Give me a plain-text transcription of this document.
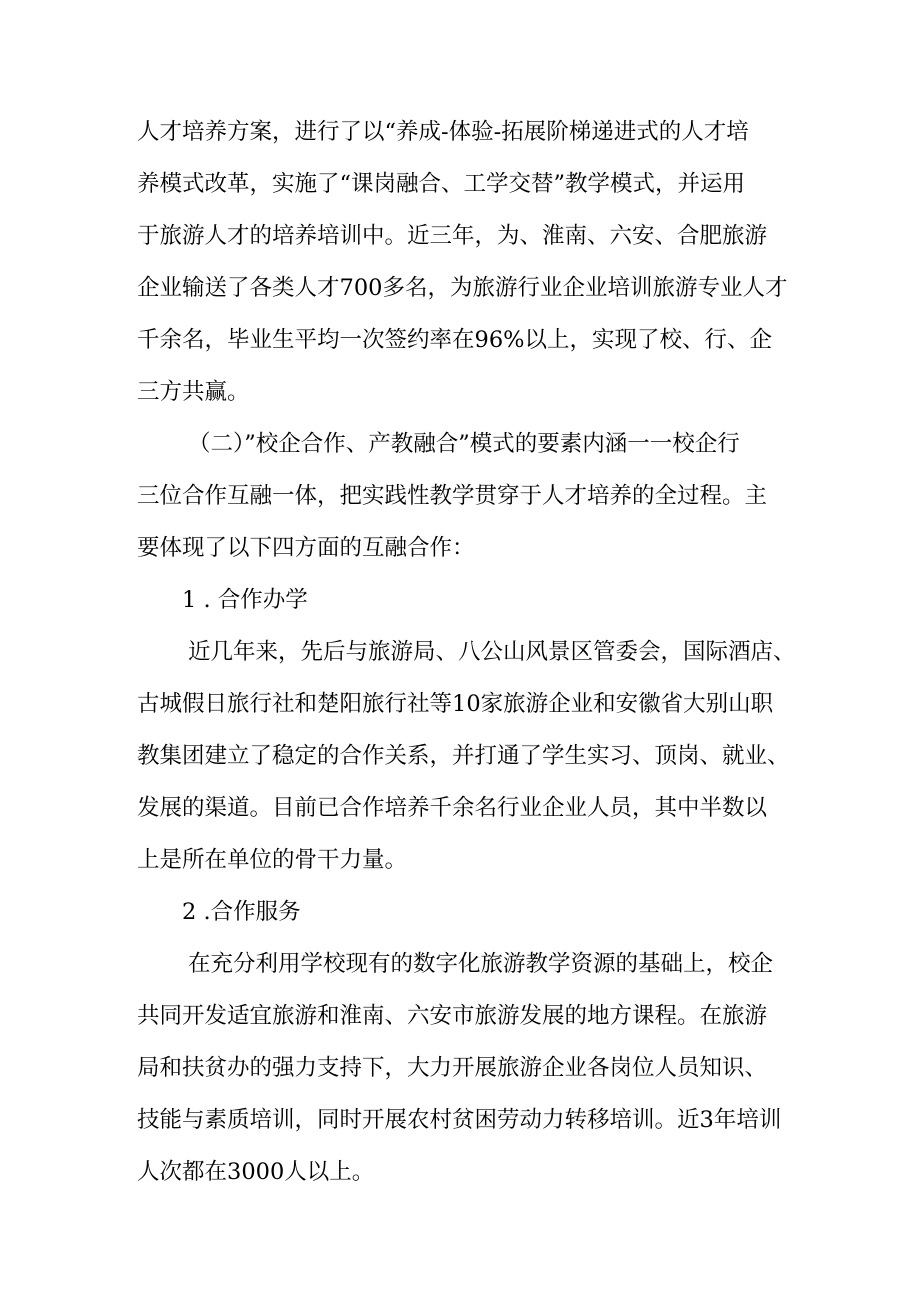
人才培养方案，进行了以“养成-体验-拓展阶梯递进式的人才培

养模式改革，实施了“课岗融合、工学交替”教学模式，并运用

于旅游人才的培养培训中。近三年，为、淮南、六安、合肥旅游

企业输送了各类人才700多名，为旅游行业企业培训旅游专业人才

千余名，毕业生平均一次签约率在96%以上，实现了校、行、企

三方共赢。

（二）”校企合作、产教融合”模式的要素内涵一一校企行

三位合作互融一体，把实践性教学贯穿于人才培养的全过程。主

要体现了以下四方面的互融合作：

1 . 合作办学

近几年来，先后与旅游局、八公山风景区管委会，国际酒店、

古城假日旅行社和楚阳旅行社等10家旅游企业和安徽省大别山职

教集团建立了稳定的合作关系，并打通了学生实习、顶岗、就业、

发展的渠道。目前已合作培养千余名行业企业人员，其中半数以

上是所在单位的骨干力量。

2 .合作服务

在充分利用学校现有的数字化旅游教学资源的基础上，校企

共同开发适宜旅游和淮南、六安市旅游发展的地方课程。在旅游

局和扶贫办的强力支持下，大力开展旅游企业各岗位人员知识、

技能与素质培训，同时开展农村贫困劳动力转移培训。近3年培训

人次都在3000人以上。
